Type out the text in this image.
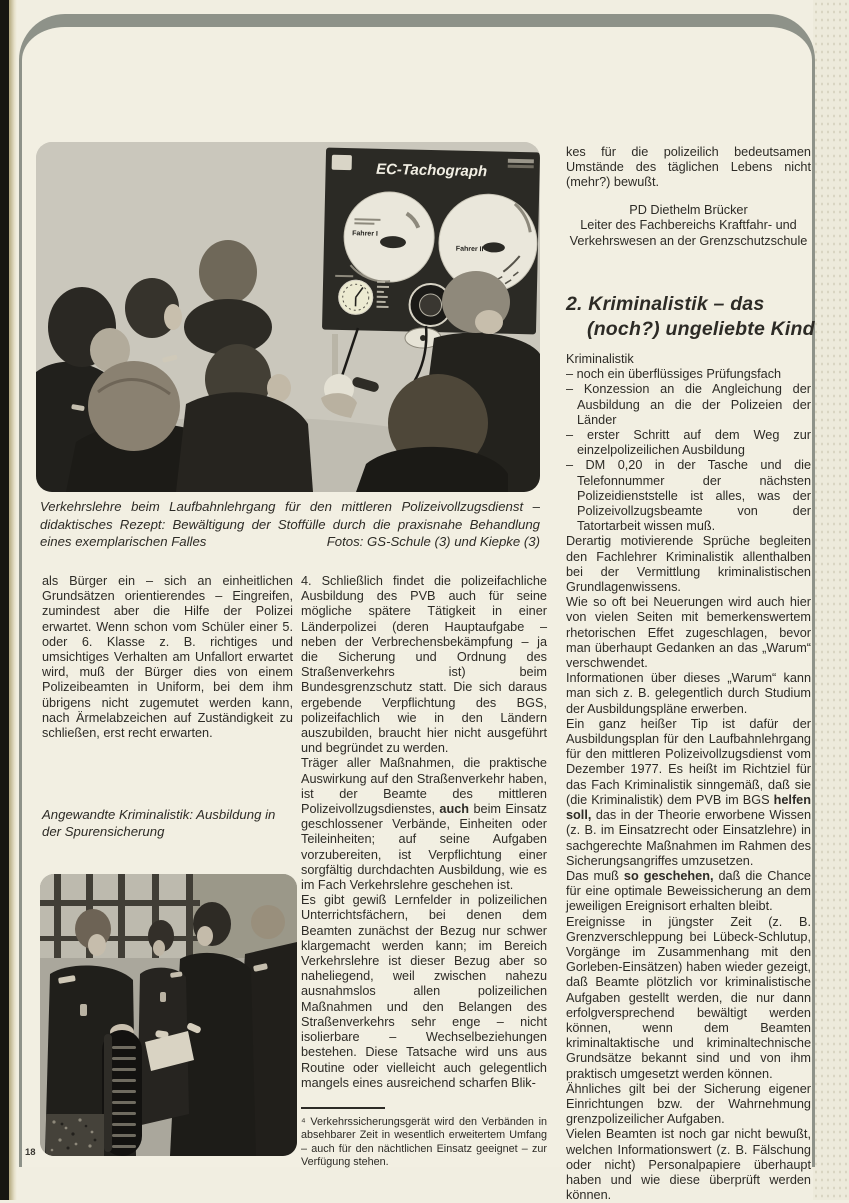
EC-Tachograph
Fahrer I
Fahrer II
Verkehrslehre beim Laufbahnlehrgang für den mittleren Polizeivollzugsdienst – didaktisches Rezept: Bewältigung der Stoffülle durch die praxisnahe Behandlung eines exemplarischen Falles	Fotos: GS-Schule (3) und Kiepke (3)

als Bürger ein – sich an einheitlichen Grundsätzen orientierendes – Eingreifen, zumindest aber die Hilfe der Polizei erwartet. Wenn schon vom Schüler einer 5. oder 6. Klasse z. B. richtiges und umsichtiges Verhalten am Unfallort erwartet wird, muß der Bürger dies von einem Polizeibeamten in Uniform, bei dem ihm übrigens nicht zugemutet werden kann, nach Ärmelabzeichen auf Zuständigkeit zu schließen, erst recht erwarten.

Angewandte Kriminalistik: Ausbildung in der Spurensicherung
18

4. Schließlich findet die polizeifachliche Ausbildung des PVB auch für seine mögliche spätere Tätigkeit in einer Länderpolizei (deren Hauptaufgabe – neben der Verbrechensbekämpfung – ja die Sicherung und Ordnung des Straßenverkehrs ist) beim Bundesgrenzschutz statt. Die sich daraus ergebende Verpflichtung des BGS, polizeifachlich wie in den Ländern auszubilden, braucht hier nicht ausgeführt und begründet zu werden.

Träger aller Maßnahmen, die praktische Auswirkung auf den Straßenverkehr haben, ist der Beamte des mittleren Polizeivollzugsdienstes, auch beim Einsatz geschlossener Verbände, Einheiten oder Teileinheiten; auf seine Aufgaben vorzubereiten, ist Verpflichtung einer sorgfältig durchdachten Ausbildung, wie es im Fach Verkehrslehre geschehen ist.

Es gibt gewiß Lernfelder in polizeilichen Unterrichtsfächern, bei denen dem Beamten zunächst der Bezug nur schwer klargemacht werden kann; im Bereich Verkehrslehre ist dieser Bezug aber so naheliegend, weil zwischen nahezu ausnahmslos allen polizeilichen Maßnahmen und den Belangen des Straßenverkehrs sehr enge – nicht isolierbare – Wechselbeziehungen bestehen. Diese Tatsache wird uns aus Routine oder vielleicht auch gelegentlich mangels eines ausreichend scharfen Blik-

⁴ Verkehrssicherungsgerät wird den Verbänden in absehbarer Zeit in wesentlich erweitertem Umfang – auch für den nächtlichen Einsatz geeignet – zur Verfügung stehen.
kes für die polizeilich bedeutsamen Umstände des täglichen Lebens nicht (mehr?) bewußt.
PD Diethelm Brücker
Leiter des Fachbereichs Kraftfahr- und
Verkehrswesen an der Grenzschutzschule
2. Kriminalistik – das
(noch?) ungeliebte Kind

Kriminalistik

– noch ein überflüssiges Prüfungsfach

– Konzession an die Angleichung der Ausbildung an die der Polizeien der Länder

– erster Schritt auf dem Weg zur einzelpolizeilichen Ausbildung

– DM 0,20 in der Tasche und die Telefonnummer der nächsten Polizeidienststelle ist alles, was der Polizeivollzugsbeamte von der Tatortarbeit wissen muß.

Derartig motivierende Sprüche begleiten den Fachlehrer Kriminalistik allenthalben bei der Vermittlung kriminalistischen Grundlagenwissens.

Wie so oft bei Neuerungen wird auch hier von vielen Seiten mit bemerkenswertem rhetorischen Effet zugeschlagen, bevor man überhaupt Gedanken an das „Warum“ verschwendet.

Informationen über dieses „Warum“ kann man sich z. B. gelegentlich durch Studium der Ausbildungspläne erwerben.

Ein ganz heißer Tip ist dafür der Ausbildungsplan für den Laufbahnlehrgang für den mittleren Polizeivollzugsdienst vom Dezember 1977. Es heißt im Richtziel für das Fach Kriminalistik sinngemäß, daß sie (die Kriminalistik) dem PVB im BGS helfen soll, das in der Theorie erworbene Wissen (z. B. im Einsatzrecht oder Einsatzlehre) in sachgerechte Maßnahmen im Rahmen des Sicherungsangriffes umzusetzen.

Das muß so geschehen, daß die Chance für eine optimale Beweissicherung an dem jeweiligen Ereignisort erhalten bleibt.

Ereignisse in jüngster Zeit (z. B. Grenzverschleppung bei Lübeck-Schlutup, Vorgänge im Zusammenhang mit den Gorleben-Einsätzen) haben wieder gezeigt, daß Beamte plötzlich vor kriminalistische Aufgaben gestellt werden, die nur dann erfolgversprechend bewältigt werden können, wenn dem Beamten kriminaltaktische und kriminaltechnische Grundsätze bekannt sind und von ihm praktisch umgesetzt werden können.

Ähnliches gilt bei der Sicherung eigener Einrichtungen bzw. der Wahrnehmung grenzpolizeilicher Aufgaben.

Vielen Beamten ist noch gar nicht bewußt, welchen Informationswert (z. B. Fälschung oder nicht) Personalpapiere überhaupt haben und wie diese überprüft werden können.
